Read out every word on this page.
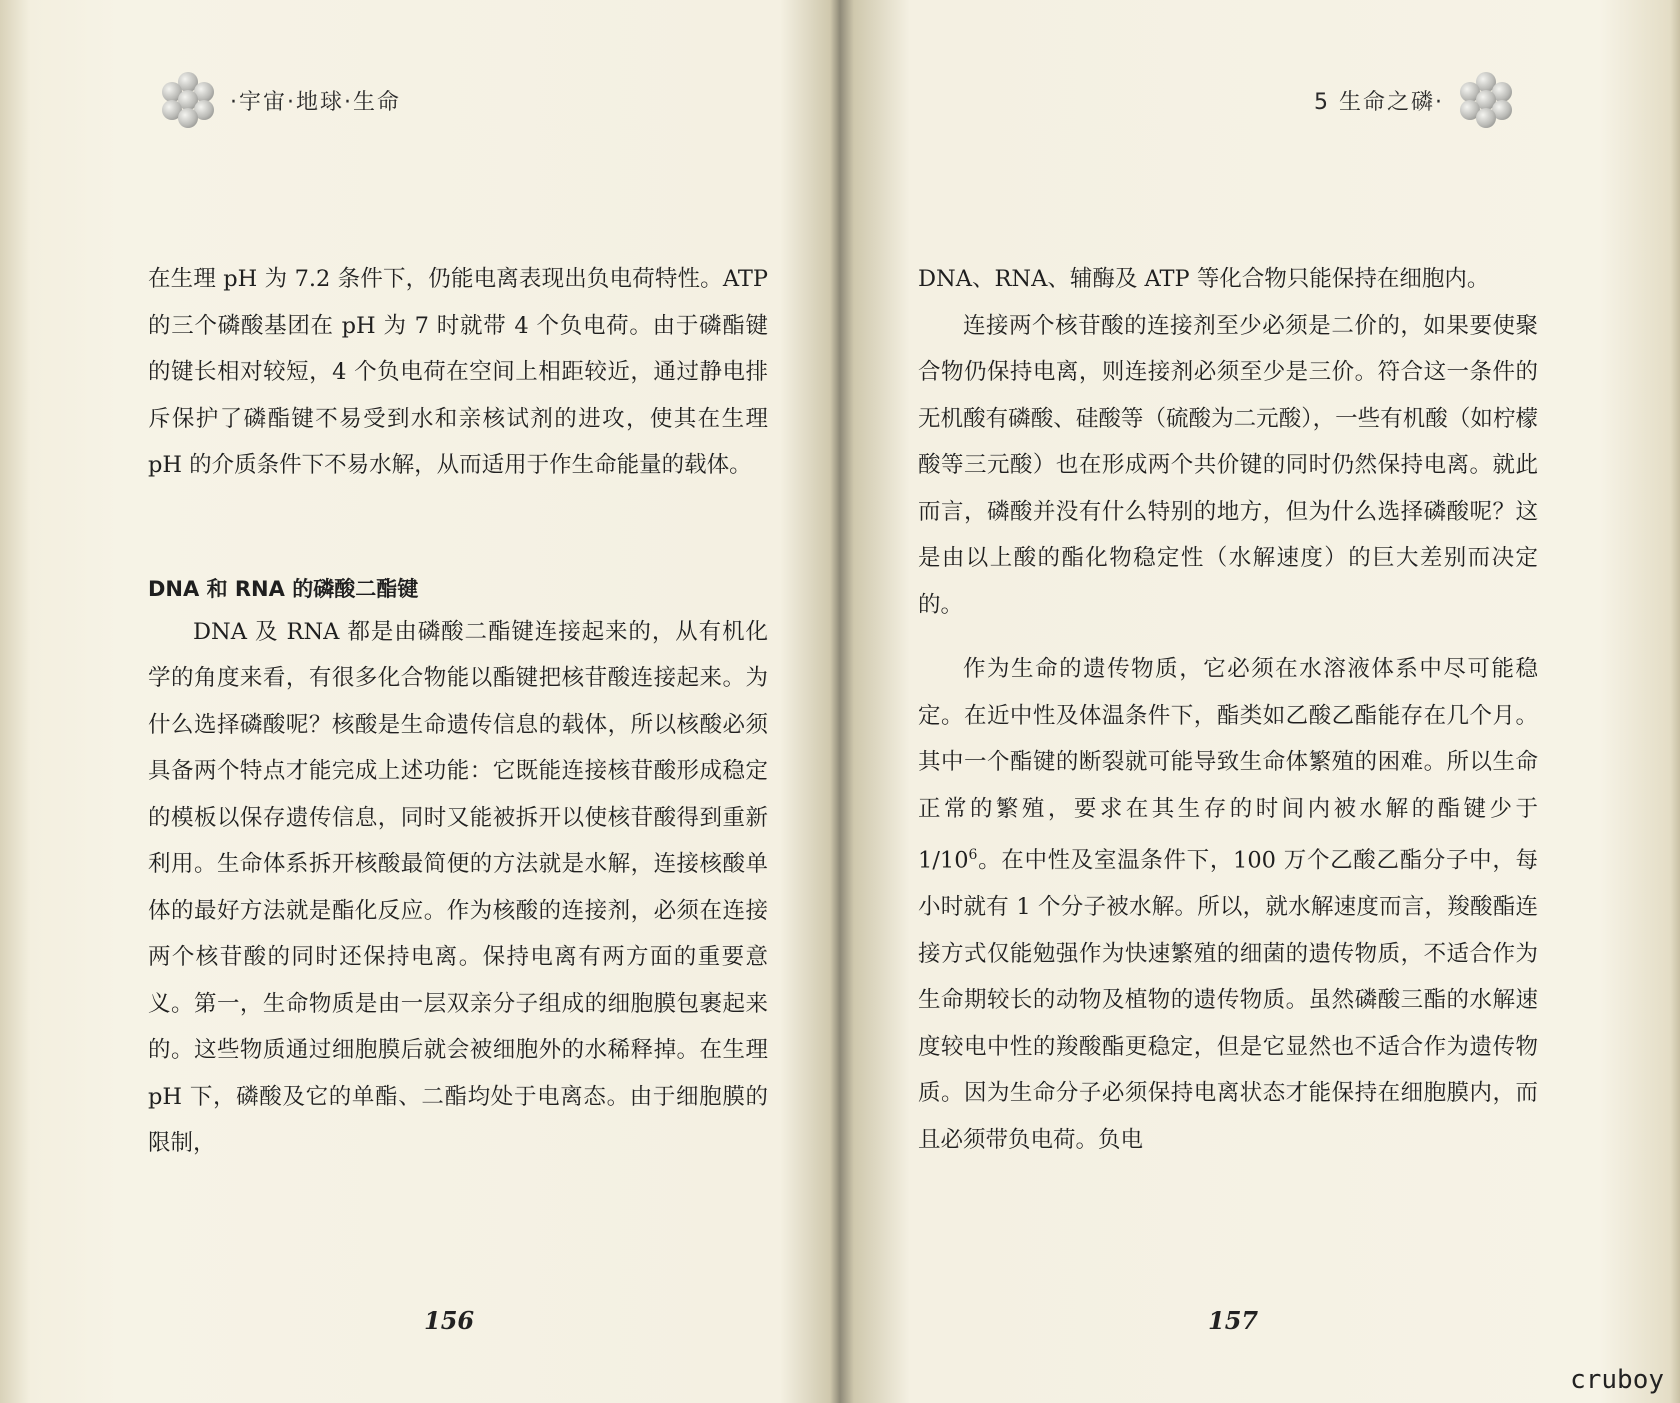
·宇宙·地球·生命

在生理 pH 为 7.2 条件下，仍能电离表现出负电荷特性。ATP 的三个磷酸基团在 pH 为 7 时就带 4 个负电荷。由于磷酯键的键长相对较短，4 个负电荷在空间上相距较近，通过静电排斥保护了磷酯键不易受到水和亲核试剂的进攻，使其在生理 pH 的介质条件下不易水解，从而适用于作生命能量的载体。

DNA 和 RNA 的磷酸二酯键

DNA 及 RNA 都是由磷酸二酯键连接起来的，从有机化学的角度来看，有很多化合物能以酯键把核苷酸连接起来。为什么选择磷酸呢？核酸是生命遗传信息的载体，所以核酸必须具备两个特点才能完成上述功能：它既能连接核苷酸形成稳定的模板以保存遗传信息，同时又能被拆开以使核苷酸得到重新利用。生命体系拆开核酸最简便的方法就是水解，连接核酸单体的最好方法就是酯化反应。作为核酸的连接剂，必须在连接两个核苷酸的同时还保持电离。保持电离有两方面的重要意义。第一，生命物质是由一层双亲分子组成的细胞膜包裹起来的。这些物质通过细胞膜后就会被细胞外的水稀释掉。在生理 pH 下，磷酸及它的单酯、二酯均处于电离态。由于细胞膜的限制，

156
5 生命之磷·

DNA、RNA、辅酶及 ATP 等化合物只能保持在细胞内。

连接两个核苷酸的连接剂至少必须是二价的，如果要使聚合物仍保持电离，则连接剂必须至少是三价。符合这一条件的无机酸有磷酸、硅酸等（硫酸为二元酸），一些有机酸（如柠檬酸等三元酸）也在形成两个共价键的同时仍然保持电离。就此而言，磷酸并没有什么特别的地方，但为什么选择磷酸呢？这是由以上酸的酯化物稳定性（水解速度）的巨大差别而决定的。

作为生命的遗传物质，它必须在水溶液体系中尽可能稳定。在近中性及体温条件下，酯类如乙酸乙酯能存在几个月。其中一个酯键的断裂就可能导致生命体繁殖的困难。所以生命正常的繁殖，要求在其生存的时间内被水解的酯键少于 $1/10^6$。在中性及室温条件下，100 万个乙酸乙酯分子中，每小时就有 1 个分子被水解。所以，就水解速度而言，羧酸酯连接方式仅能勉强作为快速繁殖的细菌的遗传物质，不适合作为生命期较长的动物及植物的遗传物质。虽然磷酸三酯的水解速度较电中性的羧酸酯更稳定，但是它显然也不适合作为遗传物质。因为生命分子必须保持电离状态才能保持在细胞膜内，而且必须带负电荷。负电

157
cruboy
